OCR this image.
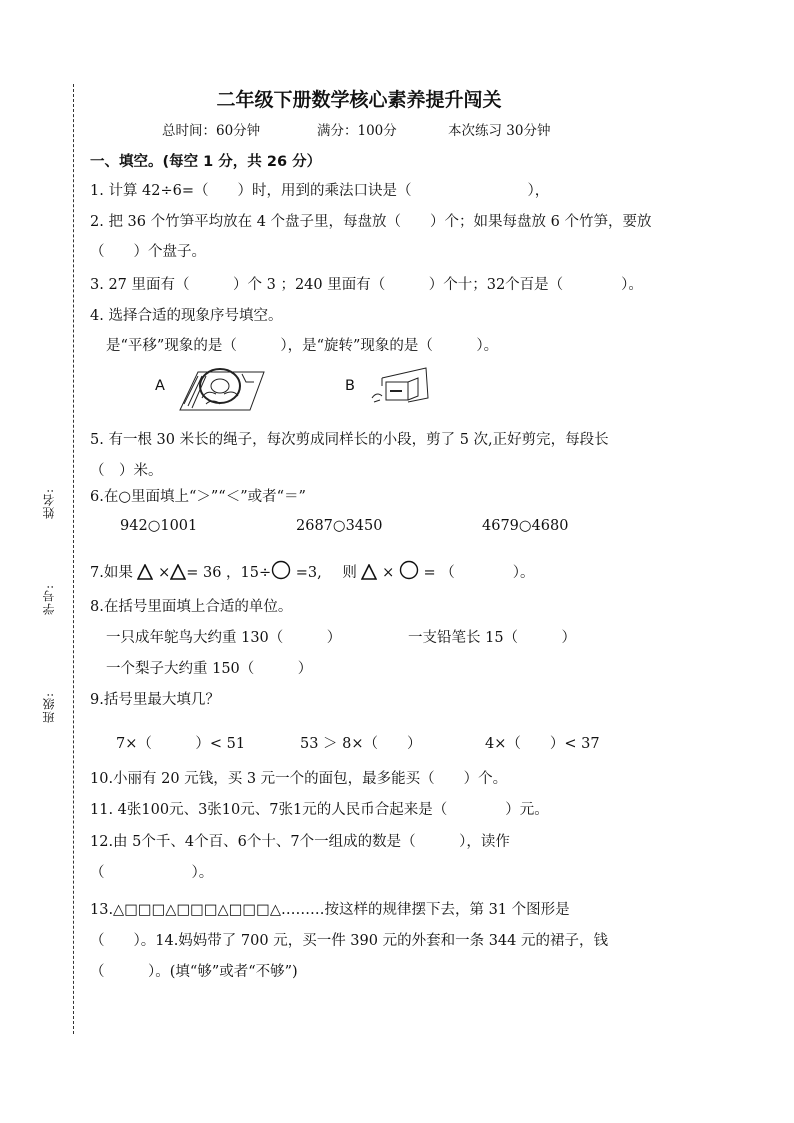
姓名:
学号:
班级:
二年级下册数学核心素养提升闯关
总时间：60分钟	满分：100分	本次练习 30分钟
一、填空。(每空 1 分，共 26 分）
1. 计算 42÷6=（　　）时，用到的乘法口诀是（　　　　　　　　），
2. 把 36 个竹笋平均放在 4 个盘子里，每盘放（　　）个；如果每盘放 6 个竹笋，要放
（　　）个盘子。
3. 27 里面有（　　　）个 3 ；240 里面有（　　　）个十；32个百是（　　　　）。
4. 选择合适的现象序号填空。
是“平移”现象的是（　　　），是“旋转”现象的是（　　　）。
A	B
5. 有一根 30 米长的绳子，每次剪成同样长的小段，剪了 5 次,正好剪完，每段长
（　）米。
6.在○里面填上“＞”“＜”或者“＝”
942○1001	2687○3450	4679○4680
7.如果 × = 36 ，15÷ =3, 则 × = （　　　　）。
8.在括号里面填上合适的单位。
一只成年鸵鸟大约重 130（　　　）	一支铅笔长 15（　　　）
一个梨子大约重 150（　　　）
9.括号里最大填几？
7×（　　　）< 51	53 ＞ 8×（　　）	4×（　　）< 37
10.小丽有 20 元钱，买 3 元一个的面包，最多能买（　　）个。
11. 4张100元、3张10元、7张1元的人民币合起来是（　　　　）元。
12.由 5个千、4个百、6个十、7个一组成的数是（　　　），读作
（　　　　　　）。
13.△□□□△□□□△□□□△………按这样的规律摆下去，第 31 个图形是
（　　）。14.妈妈带了 700 元，买一件 390 元的外套和一条 344 元的裙子，钱
（　　　）。(填“够”或者“不够”)
